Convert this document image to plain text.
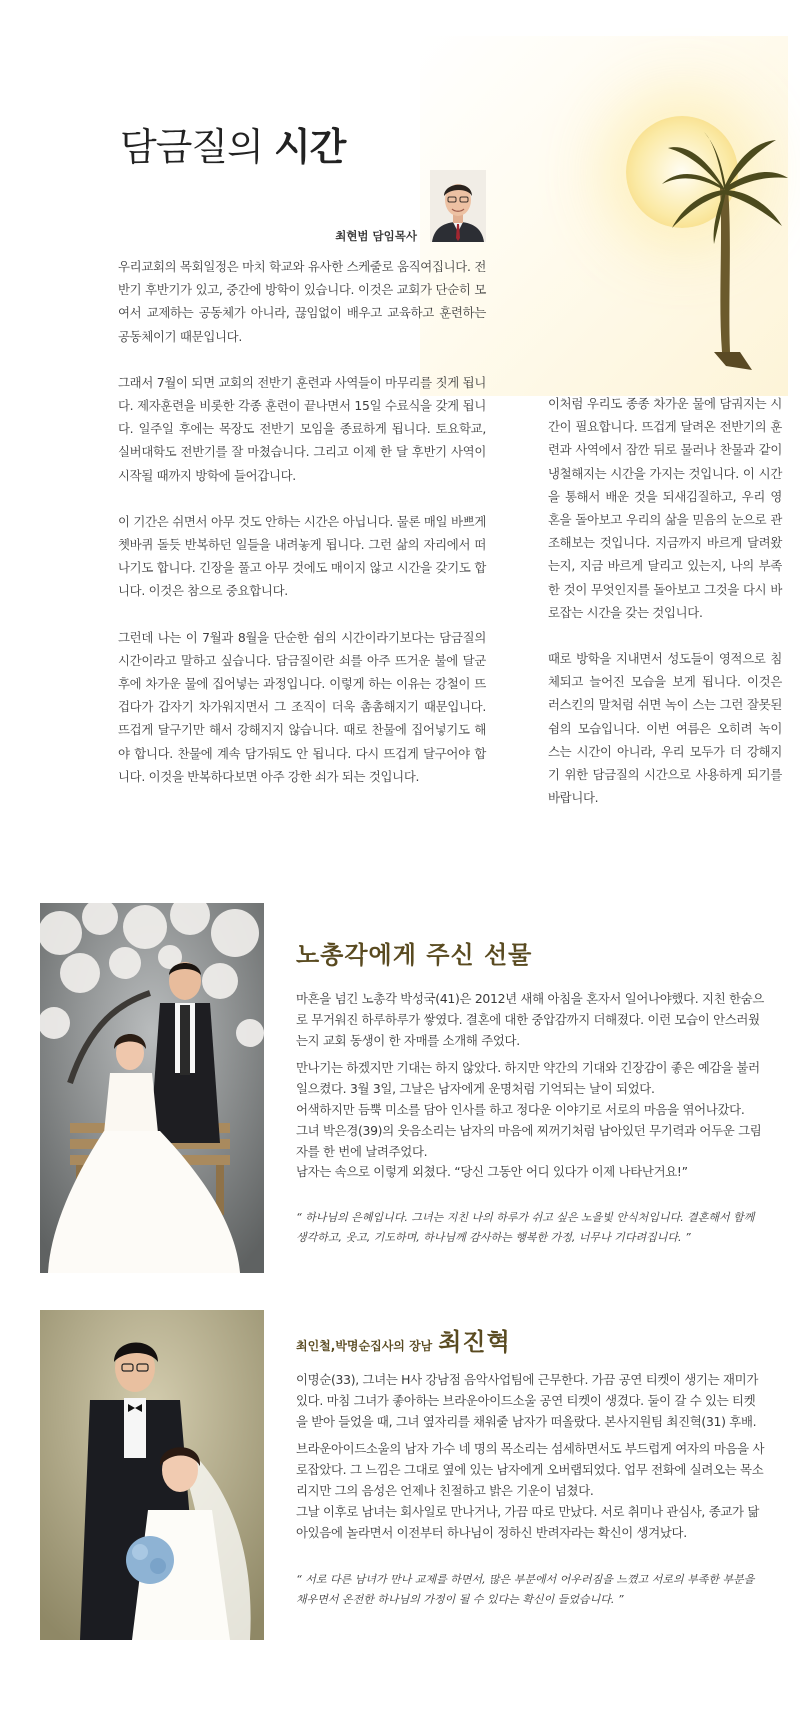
담금질의 시간
최현범 담임목사

우리교회의 목회일정은 마치 학교와 유사한 스케줄로 움직여집니다. 전반기 후반기가 있고, 중간에 방학이 있습니다. 이것은 교회가 단순히 모여서 교제하는 공동체가 아니라, 끊임없이 배우고 교육하고 훈련하는 공동체이기 때문입니다.

그래서 7월이 되면 교회의 전반기 훈련과 사역들이 마무리를 짓게 됩니다. 제자훈련을 비롯한 각종 훈련이 끝나면서 15일 수료식을 갖게 됩니다. 일주일 후에는 목장도 전반기 모임을 종료하게 됩니다. 토요학교, 실버대학도 전반기를 잘 마쳤습니다. 그리고 이제 한 달 후반기 사역이 시작될 때까지 방학에 들어갑니다.

이 기간은 쉬면서 아무 것도 안하는 시간은 아닙니다. 물론 매일 바쁘게 쳇바퀴 돌듯 반복하던 일들을 내려놓게 됩니다. 그런 삶의 자리에서 떠나기도 합니다. 긴장을 풀고 아무 것에도 매이지 않고 시간을 갖기도 합니다. 이것은 참으로 중요합니다.

그런데 나는 이 7월과 8월을 단순한 쉼의 시간이라기보다는 담금질의 시간이라고 말하고 싶습니다. 담금질이란 쇠를 아주 뜨거운 불에 달군 후에 차가운 물에 집어넣는 과정입니다. 이렇게 하는 이유는 강철이 뜨겁다가 갑자기 차가워지면서 그 조직이 더욱 촘촘해지기 때문입니다. 뜨겁게 달구기만 해서 강해지지 않습니다. 때로 찬물에 집어넣기도 해야 합니다. 찬물에 계속 담가둬도 안 됩니다. 다시 뜨겁게 달구어야 합니다. 이것을 반복하다보면 아주 강한 쇠가 되는 것입니다.

이처럼 우리도 종종 차가운 물에 담궈지는 시간이 필요합니다. 뜨겁게 달려온 전반기의 훈련과 사역에서 잠깐 뒤로 물러나 찬물과 같이 냉철해지는 시간을 가지는 것입니다. 이 시간을 통해서 배운 것을 되새김질하고, 우리 영혼을 돌아보고 우리의 삶을 믿음의 눈으로 관조해보는 것입니다. 지금까지 바르게 달려왔는지, 지금 바르게 달리고 있는지, 나의 부족한 것이 무엇인지를 돌아보고 그것을 다시 바로잡는 시간을 갖는 것입니다.

때로 방학을 지내면서 성도들이 영적으로 침체되고 늘어진 모습을 보게 됩니다. 이것은 러스킨의 말처럼 쉬면 녹이 스는 그런 잘못된 쉼의 모습입니다. 이번 여름은 오히려 녹이 스는 시간이 아니라, 우리 모두가 더 강해지기 위한 담금질의 시간으로 사용하게 되기를 바랍니다.

노총각에게 주신 선물

마흔을 넘긴 노총각 박성국(41)은 2012년 새해 아침을 혼자서 일어나야했다. 지친 한숨으로 무거워진 하루하루가 쌓였다. 결혼에 대한 중압감까지 더해졌다. 이런 모습이 안스러웠는지 교회 동생이 한 자매를 소개해 주었다.

만나기는 하겠지만 기대는 하지 않았다. 하지만 약간의 기대와 긴장감이 좋은 예감을 불러일으켰다. 3월 3일, 그날은 남자에게 운명처럼 기억되는 날이 되었다.
어색하지만 듬뿍 미소를 담아 인사를 하고 정다운 이야기로 서로의 마음을 엮어나갔다.
그녀 박은경(39)의 웃음소리는 남자의 마음에 찌꺼기처럼 남아있던 무기력과 어두운 그림자를 한 번에 날려주었다.
남자는 속으로 이렇게 외쳤다. “당신 그동안 어디 있다가 이제 나타난거요!”

“ 하나님의 은혜입니다. 그녀는 지친 나의 하루가 쉬고 싶은 노을빛 안식처입니다. 결혼해서 함께 생각하고, 웃고, 기도하며, 하나님께 감사하는 행복한 가정, 너무나 기다려집니다. ”
최인철,박명순집사의 장남 최진혁

이명순(33), 그녀는 H사 강남점 음악사업팀에 근무한다. 가끔 공연 티켓이 생기는 재미가 있다. 마침 그녀가 좋아하는 브라운아이드소울 공연 티켓이 생겼다. 둘이 갈 수 있는 티켓을 받아 들었을 때, 그녀 옆자리를 채워줄 남자가 떠올랐다. 본사지원팀 최진혁(31) 후배.

브라운아이드소울의 남자 가수 네 명의 목소리는 섬세하면서도 부드럽게 여자의 마음을 사로잡았다. 그 느낌은 그대로 옆에 있는 남자에게 오버랩되었다. 업무 전화에 실려오는 목소리지만 그의 음성은 언제나 친절하고 밝은 기운이 넘쳤다.
그날 이후로 남녀는 회사일로 만나거나, 가끔 따로 만났다. 서로 취미나 관심사, 종교가 닮아있음에 놀라면서 이전부터 하나님이 정하신 반려자라는 확신이 생겨났다.

“ 서로 다른 남녀가 만나 교제를 하면서, 많은 부분에서 어우러짐을 느꼈고 서로의 부족한 부분을 채우면서 온전한 하나님의 가정이 될 수 있다는 확신이 들었습니다. ”
